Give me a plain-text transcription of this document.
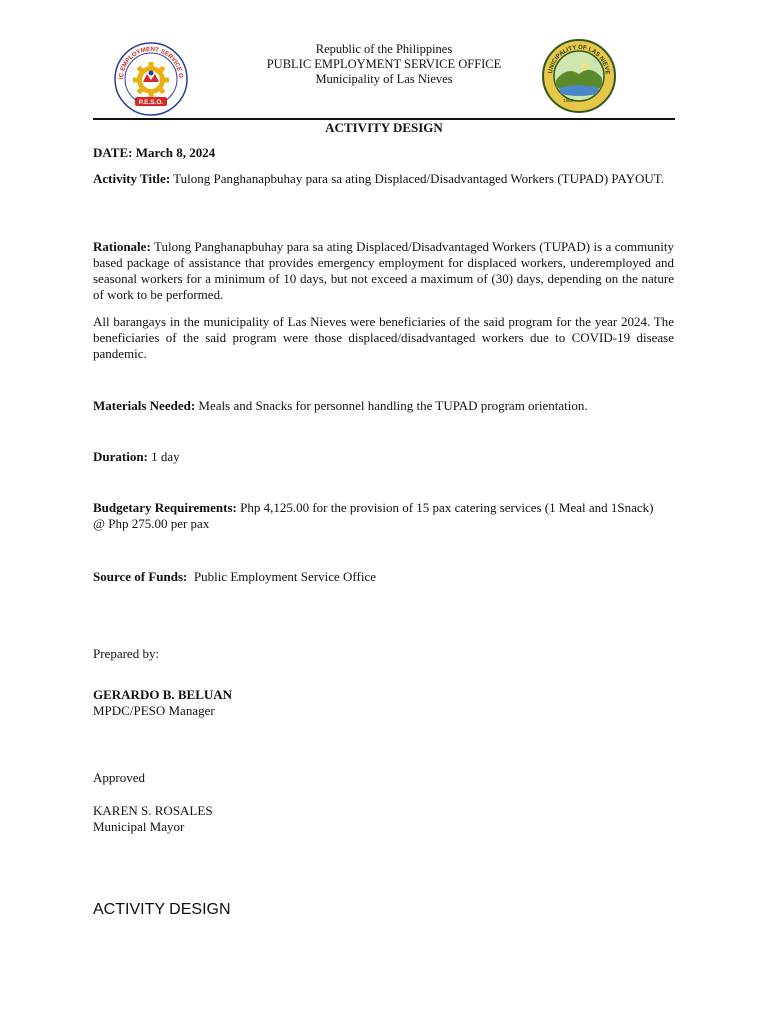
IC EMPLOYMENT SERVICE O
P.E.S.O.
Republic of the Philippines
PUBLIC EMPLOYMENT SERVICE OFFICE
Municipality of Las Nieves
UNICIPALITY OF LAS NIEVE
1963
ACTIVITY DESIGN
DATE: March 8, 2024
Activity Title: Tulong Panghanapbuhay para sa ating Displaced/Disadvantaged Workers (TUPAD) PAYOUT.
Rationale: Tulong Panghanapbuhay para sa ating Displaced/Disadvantaged Workers (TUPAD) is a community based package of assistance that provides emergency employment for displaced workers, underemployed and seasonal workers for a minimum of 10 days, but not exceed a maximum of (30) days, depending on the nature of work to be performed.
All barangays in the municipality of Las Nieves were beneficiaries of the said program for the year 2024. The beneficiaries of the said program were those displaced/disadvantaged workers due to COVID-19 disease pandemic.
Materials Needed: Meals and Snacks for personnel handling the TUPAD program orientation.
Duration: 1 day
Budgetary Requirements: Php 4,125.00 for the provision of 15 pax catering services (1 Meal and 1Snack) @ Php 275.00 per pax
Source of Funds: Public Employment Service Office
Prepared by:
GERARDO B. BELUAN
MPDC/PESO Manager
Approved
KAREN S. ROSALES
Municipal Mayor
ACTIVITY DESIGN
